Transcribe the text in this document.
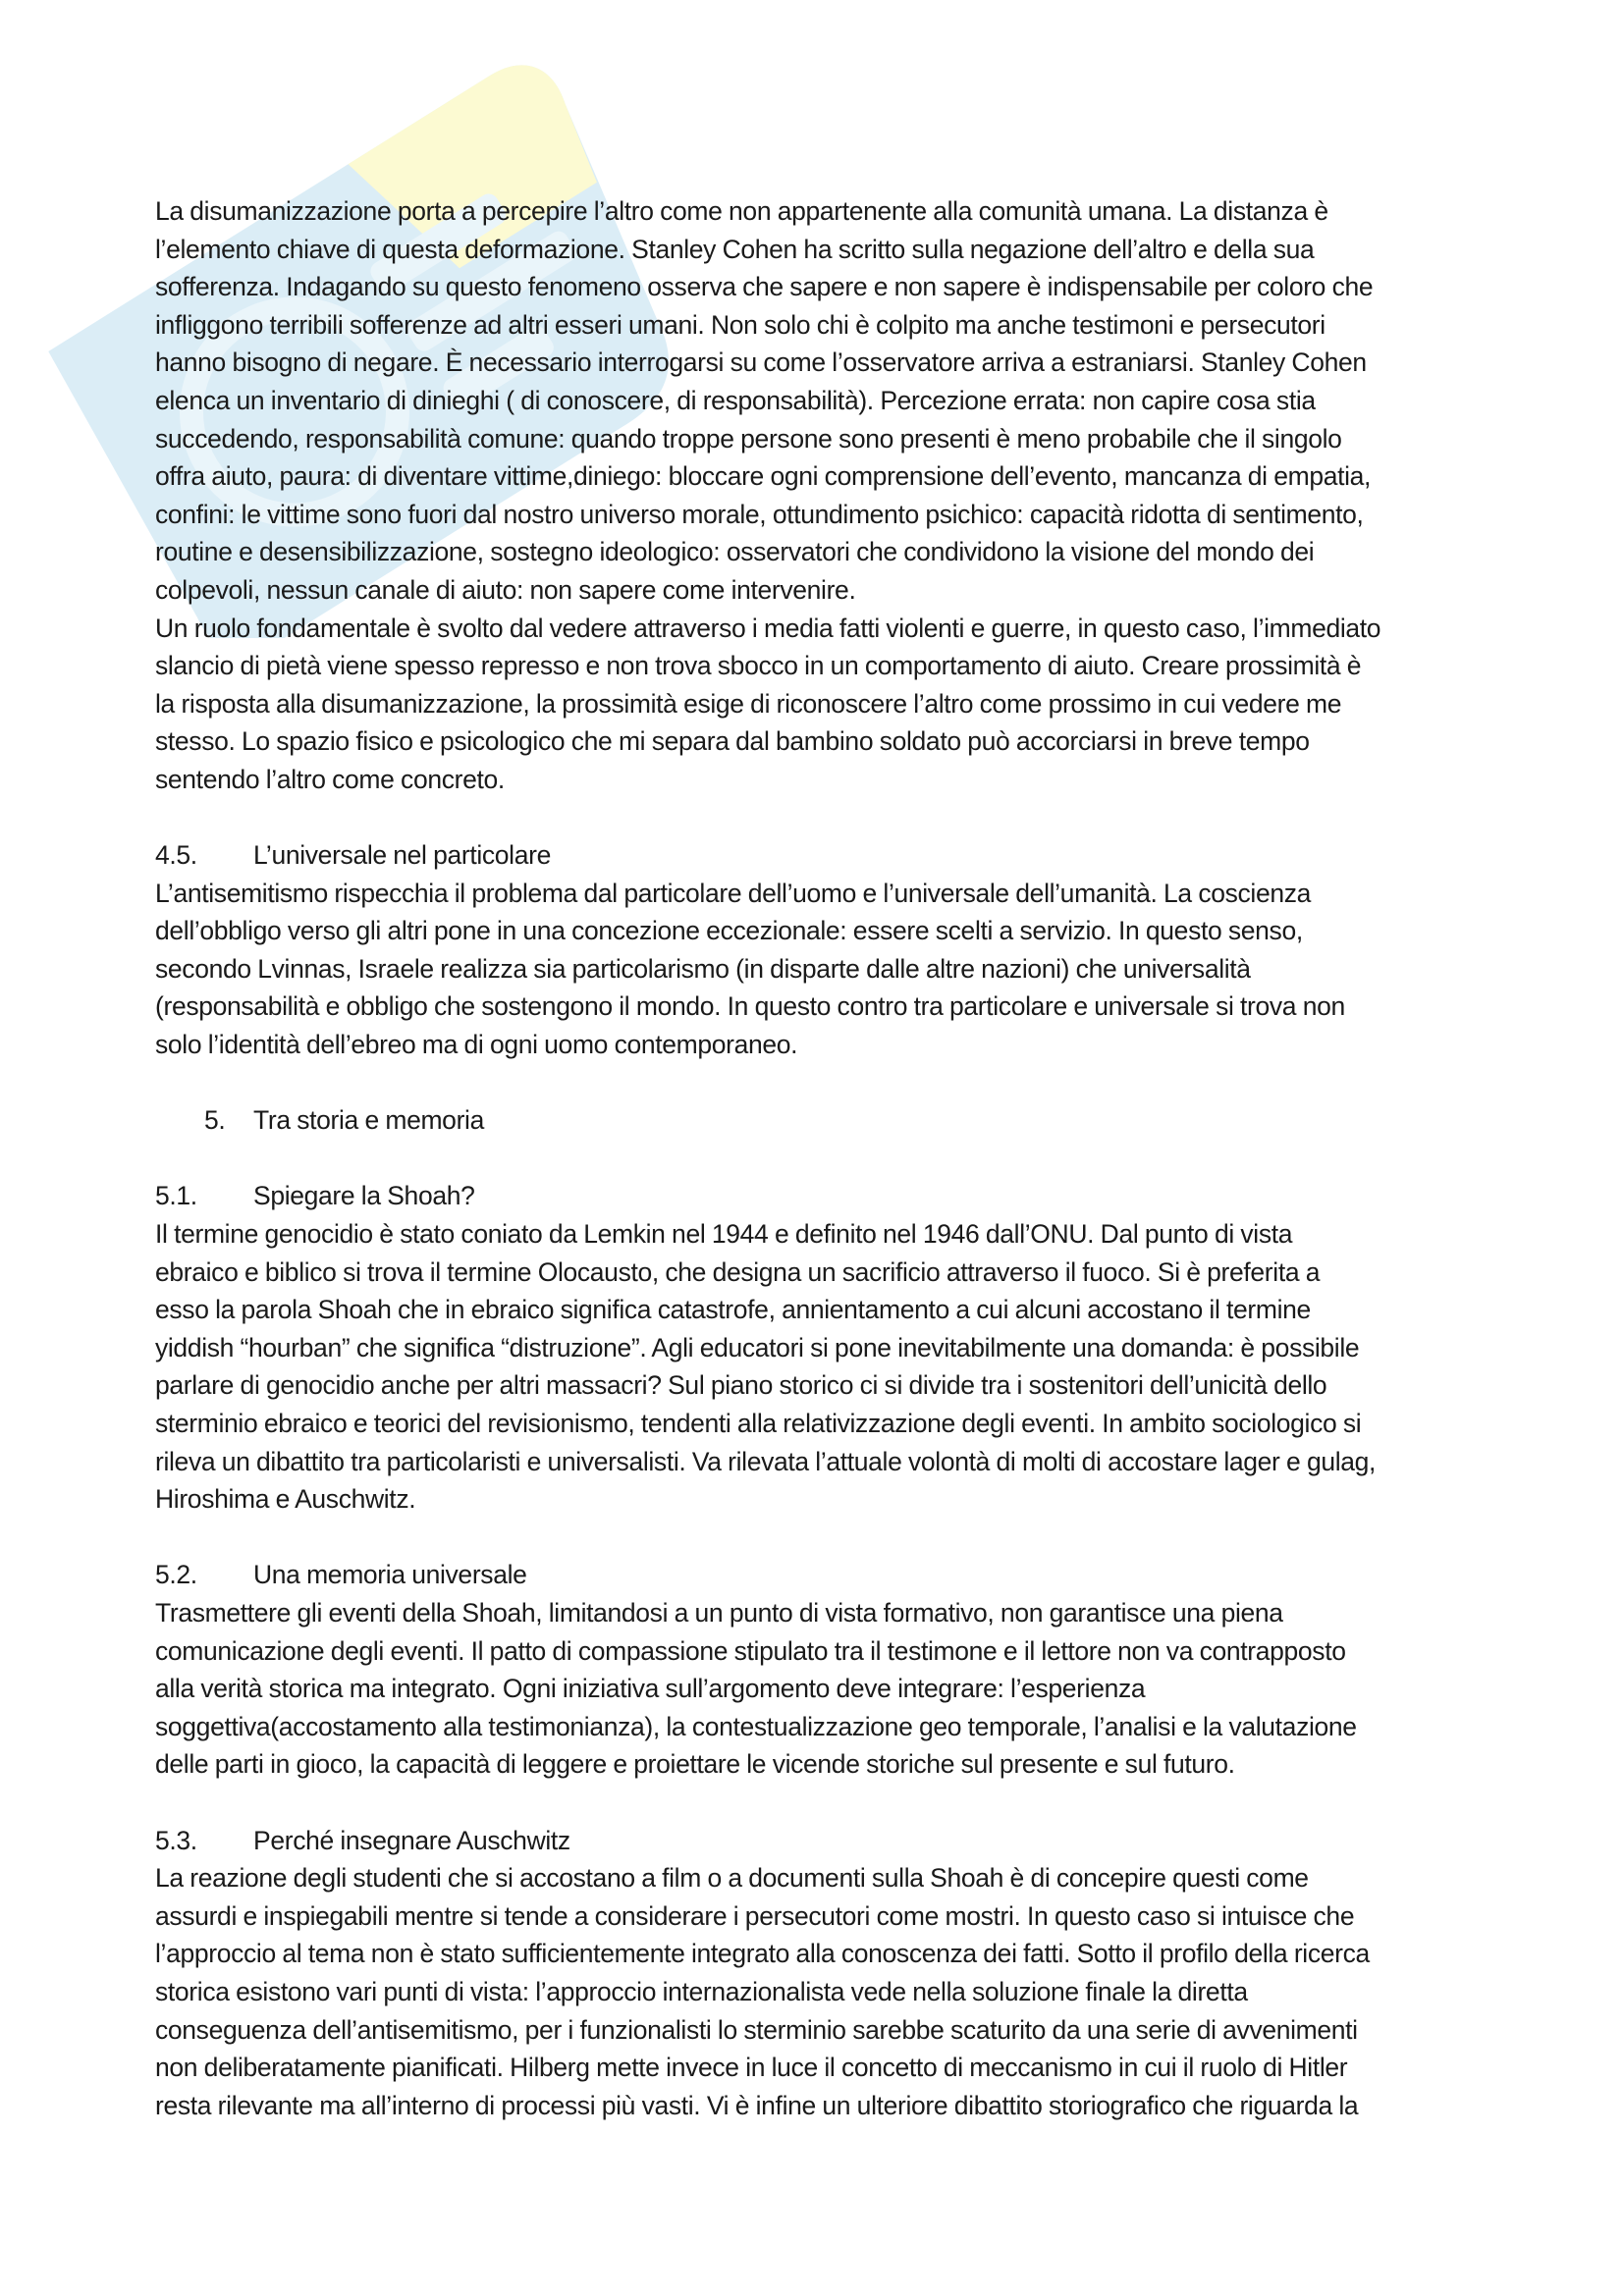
La disumanizzazione porta a percepire l’altro come non appartenente alla comunità umana. La distanza è
l’elemento chiave di questa deformazione. Stanley Cohen ha scritto sulla negazione dell’altro e della sua
sofferenza. Indagando su questo fenomeno osserva che sapere e non sapere è indispensabile per coloro che
infliggono terribili sofferenze ad altri esseri umani. Non solo chi è colpito ma anche testimoni e persecutori
hanno bisogno di negare. È necessario interrogarsi su come l’osservatore arriva a estraniarsi. Stanley Cohen
elenca un inventario di dinieghi ( di conoscere, di responsabilità). Percezione errata: non capire cosa stia
succedendo, responsabilità comune: quando troppe persone sono presenti è meno probabile che il singolo
offra aiuto, paura: di diventare vittime,diniego: bloccare ogni comprensione dell’evento, mancanza di empatia,
confini: le vittime sono fuori dal nostro universo morale, ottundimento psichico: capacità ridotta di sentimento,
routine e desensibilizzazione, sostegno ideologico: osservatori che condividono la visione del mondo dei
colpevoli, nessun canale di aiuto: non sapere come intervenire.

Un ruolo fondamentale è svolto dal vedere attraverso i media fatti violenti e guerre, in questo caso, l’immediato
slancio di pietà viene spesso represso e non trova sbocco in un comportamento di aiuto. Creare prossimità è
la risposta alla disumanizzazione, la prossimità esige di riconoscere l’altro come prossimo in cui vedere me
stesso. Lo spazio fisico e psicologico che mi separa dal bambino soldato può accorciarsi in breve tempo
sentendo l’altro come concreto.

4.5.	L’universale nel particolare

L’antisemitismo rispecchia il problema dal particolare dell’uomo e l’universale dell’umanità. La coscienza
dell’obbligo verso gli altri pone in una concezione eccezionale: essere scelti a servizio. In questo senso,
secondo Lvinnas, Israele realizza sia particolarismo (in disparte dalle altre nazioni) che universalità
(responsabilità e obbligo che sostengono il mondo. In questo contro tra particolare e universale si trova non
solo l’identità dell’ebreo ma di ogni uomo contemporaneo.

5.	Tra storia e memoria
5.1.	Spiegare la Shoah?

Il termine genocidio è stato coniato da Lemkin nel 1944 e definito nel 1946 dall’ONU. Dal punto di vista
ebraico e biblico si trova il termine Olocausto, che designa un sacrificio attraverso il fuoco. Si è preferita a
esso la parola Shoah che in ebraico significa catastrofe, annientamento a cui alcuni accostano il termine
yiddish “hourban” che significa “distruzione”. Agli educatori si pone inevitabilmente una domanda: è possibile
parlare di genocidio anche per altri massacri? Sul piano storico ci si divide tra i sostenitori dell’unicità dello
sterminio ebraico e teorici del revisionismo, tendenti alla relativizzazione degli eventi. In ambito sociologico si
rileva un dibattito tra particolaristi e universalisti. Va rilevata l’attuale volontà di molti di accostare lager e gulag,
Hiroshima e Auschwitz.

5.2.	Una memoria universale

Trasmettere gli eventi della Shoah, limitandosi a un punto di vista formativo, non garantisce una piena
comunicazione degli eventi. Il patto di compassione stipulato tra il testimone e il lettore non va contrapposto
alla verità storica ma integrato. Ogni iniziativa sull’argomento deve integrare: l’esperienza
soggettiva(accostamento alla testimonianza), la contestualizzazione geo temporale, l’analisi e la valutazione
delle parti in gioco, la capacità di leggere e proiettare le vicende storiche sul presente e sul futuro.

5.3.	Perché insegnare Auschwitz

La reazione degli studenti che si accostano a film o a documenti sulla Shoah è di concepire questi come
assurdi e inspiegabili mentre si tende a considerare i persecutori come mostri. In questo caso si intuisce che
l’approccio al tema non è stato sufficientemente integrato alla conoscenza dei fatti. Sotto il profilo della ricerca
storica esistono vari punti di vista: l’approccio internazionalista vede nella soluzione finale la diretta
conseguenza dell’antisemitismo, per i funzionalisti lo sterminio sarebbe scaturito da una serie di avvenimenti
non deliberatamente pianificati. Hilberg mette invece in luce il concetto di meccanismo in cui il ruolo di Hitler
resta rilevante ma all’interno di processi più vasti. Vi è infine un ulteriore dibattito storiografico che riguarda la
